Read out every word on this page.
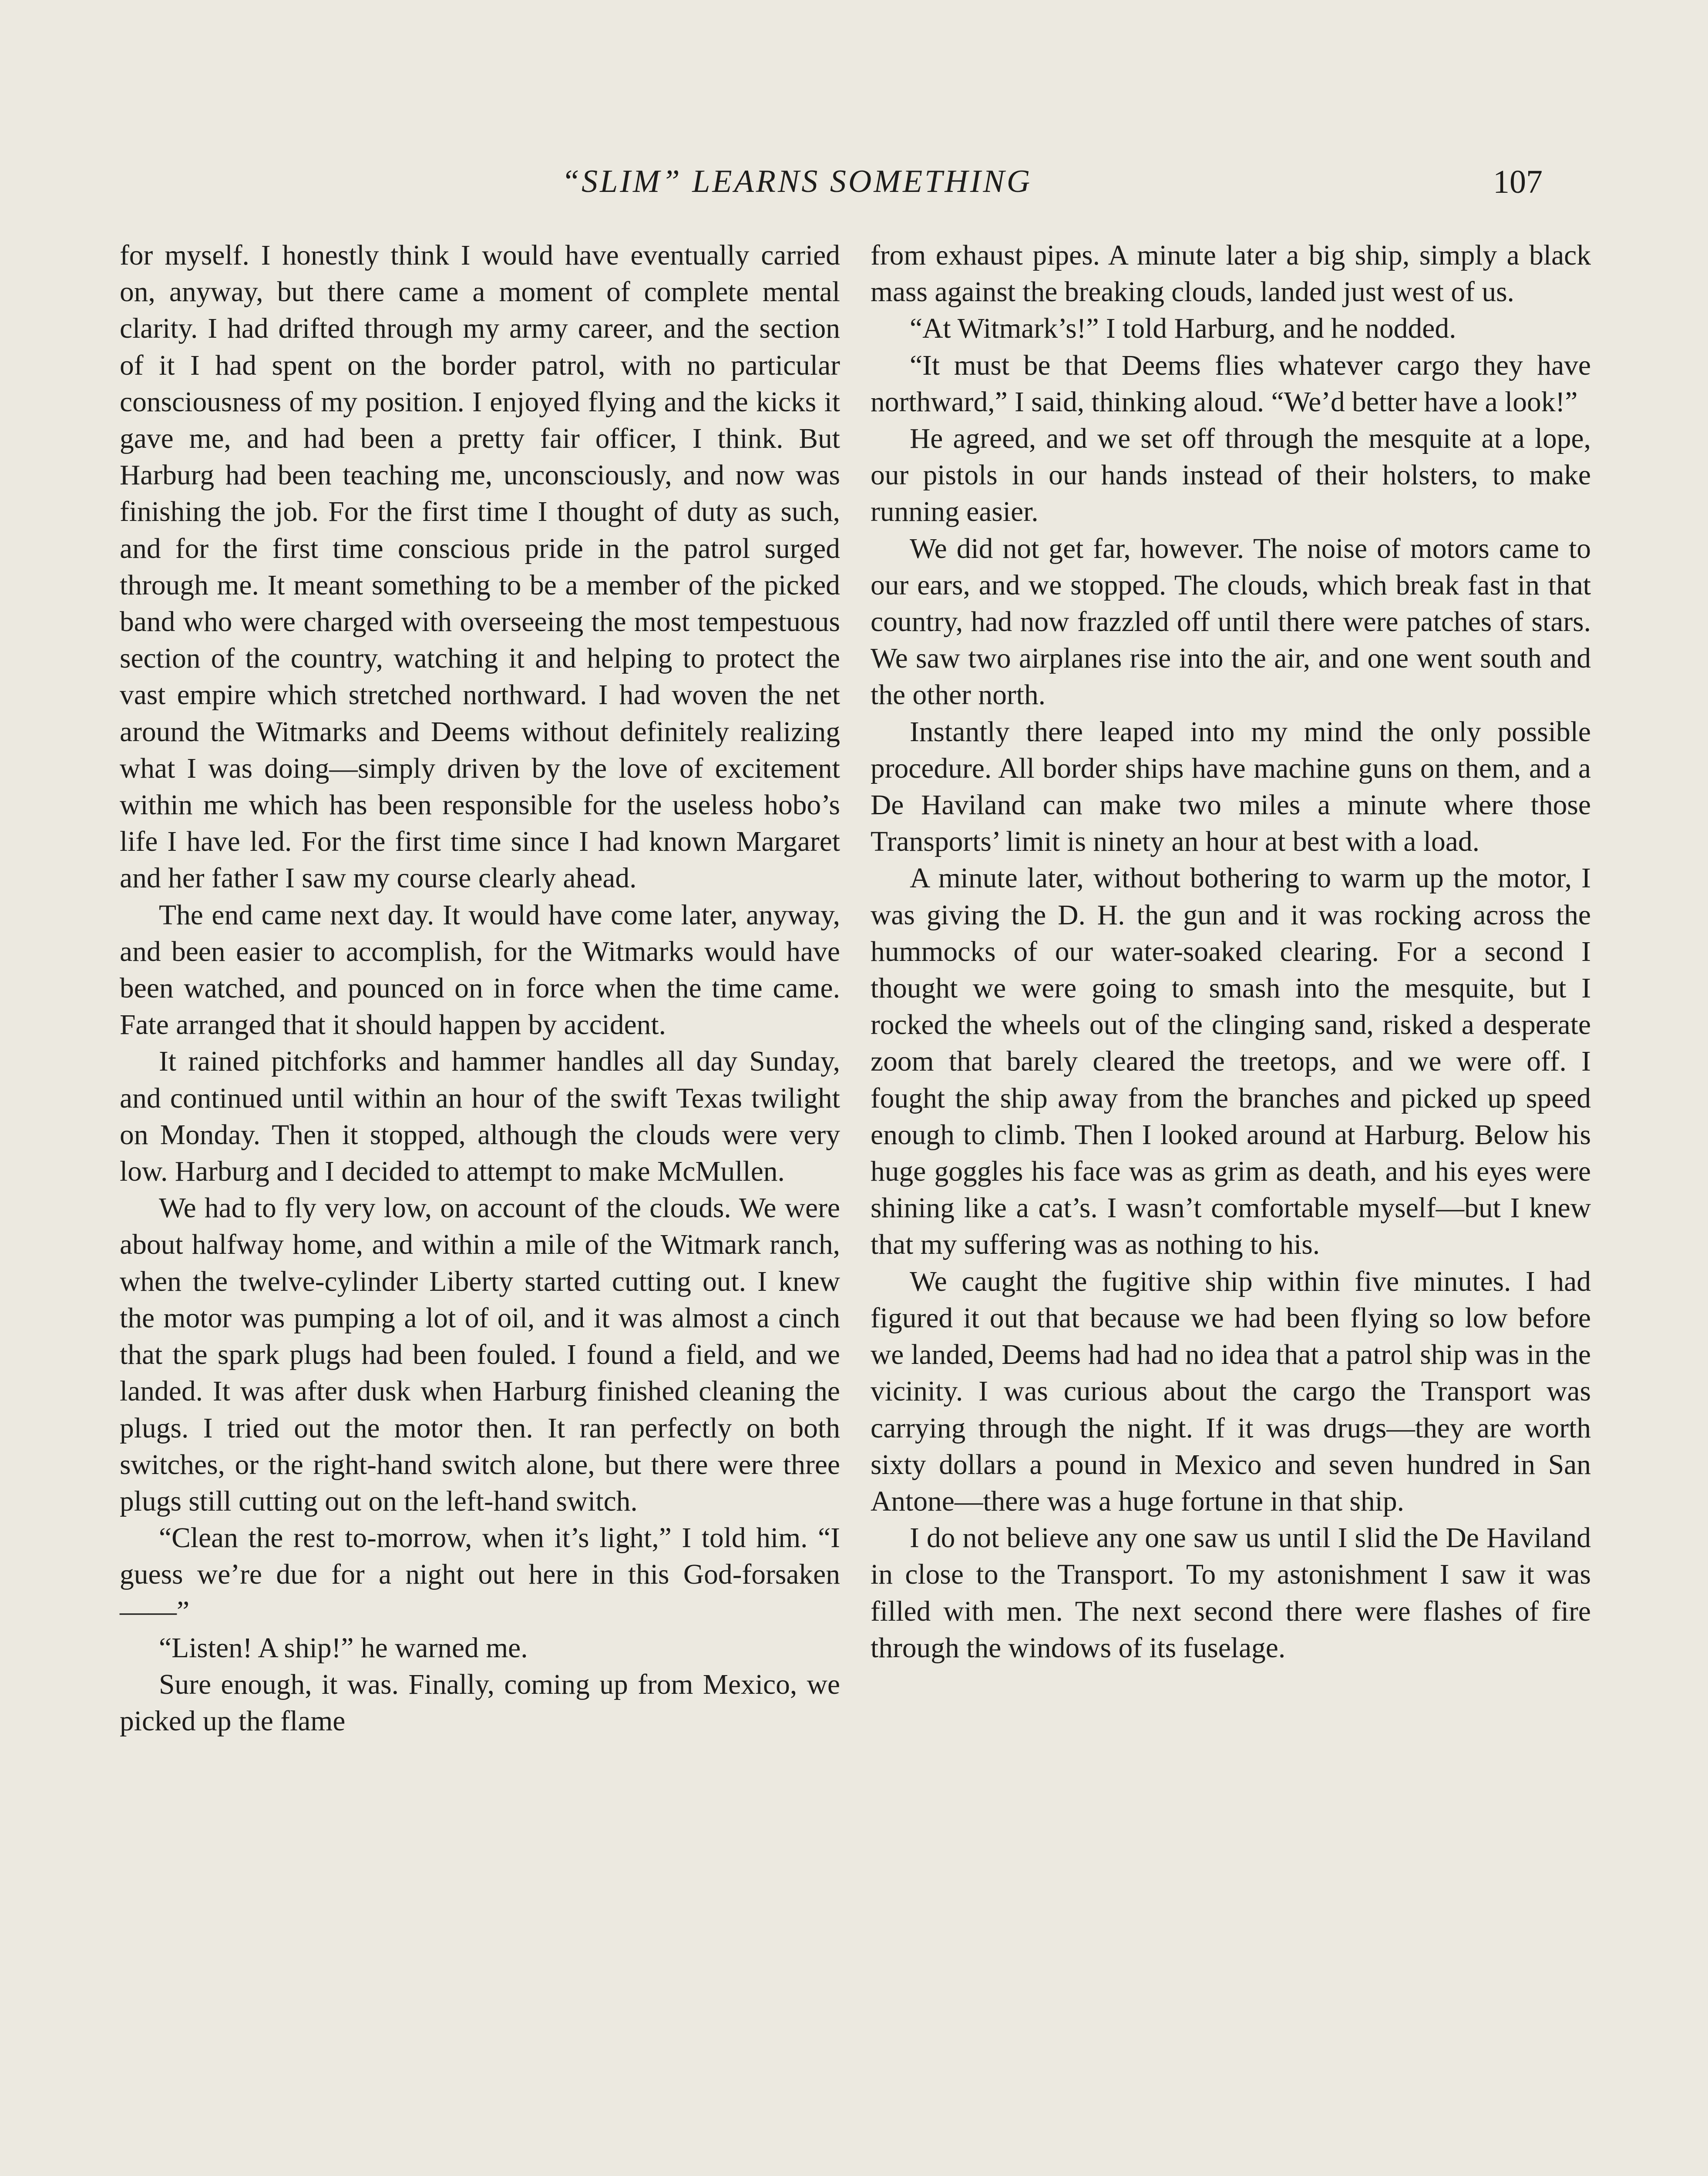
“SLIM” LEARNS SOMETHING	107

for myself. I honestly think I would have eventually carried on, anyway, but there came a moment of complete mental clarity. I had drifted through my army career, and the section of it I had spent on the border patrol, with no particular consciousness of my position. I enjoyed flying and the kicks it gave me, and had been a pretty fair officer, I think. But Harburg had been teaching me, unconsciously, and now was finishing the job. For the first time I thought of duty as such, and for the first time conscious pride in the patrol surged through me. It meant something to be a member of the picked band who were charged with overseeing the most tempestuous section of the country, watching it and helping to protect the vast empire which stretched northward. I had woven the net around the Witmarks and Deems without definitely realizing what I was doing—simply driven by the love of excitement within me which has been responsible for the useless hobo’s life I have led. For the first time since I had known Margaret and her father I saw my course clearly ahead.

The end came next day. It would have come later, anyway, and been easier to accomplish, for the Witmarks would have been watched, and pounced on in force when the time came. Fate arranged that it should happen by accident.

It rained pitchforks and hammer handles all day Sunday, and continued until within an hour of the swift Texas twilight on Monday. Then it stopped, although the clouds were very low. Harburg and I decided to attempt to make McMullen.

We had to fly very low, on account of the clouds. We were about halfway home, and within a mile of the Witmark ranch, when the twelve-cylinder Liberty started cutting out. I knew the motor was pumping a lot of oil, and it was almost a cinch that the spark plugs had been fouled. I found a field, and we landed. It was after dusk when Harburg finished cleaning the plugs. I tried out the motor then. It ran perfectly on both switches, or the right-hand switch alone, but there were three plugs still cutting out on the left-hand switch.

“Clean the rest to-morrow, when it’s light,” I told him. “I guess we’re due for a night out here in this God-forsaken——”

“Listen! A ship!” he warned me.

Sure enough, it was. Finally, coming up from Mexico, we picked up the flame

from exhaust pipes. A minute later a big ship, simply a black mass against the breaking clouds, landed just west of us.

“At Witmark’s!” I told Harburg, and he nodded.

“It must be that Deems flies whatever cargo they have northward,” I said, thinking aloud. “We’d better have a look!”

He agreed, and we set off through the mesquite at a lope, our pistols in our hands instead of their holsters, to make running easier.

We did not get far, however. The noise of motors came to our ears, and we stopped. The clouds, which break fast in that country, had now frazzled off until there were patches of stars. We saw two airplanes rise into the air, and one went south and the other north.

Instantly there leaped into my mind the only possible procedure. All border ships have machine guns on them, and a De Haviland can make two miles a minute where those Transports’ limit is ninety an hour at best with a load.

A minute later, without bothering to warm up the motor, I was giving the D. H. the gun and it was rocking across the hummocks of our water-soaked clearing. For a second I thought we were going to smash into the mesquite, but I rocked the wheels out of the clinging sand, risked a desperate zoom that barely cleared the treetops, and we were off. I fought the ship away from the branches and picked up speed enough to climb. Then I looked around at Harburg. Below his huge goggles his face was as grim as death, and his eyes were shining like a cat’s. I wasn’t comfortable myself—but I knew that my suffering was as nothing to his.

We caught the fugitive ship within five minutes. I had figured it out that because we had been flying so low before we landed, Deems had had no idea that a patrol ship was in the vicinity. I was curious about the cargo the Transport was carrying through the night. If it was drugs—they are worth sixty dollars a pound in Mexico and seven hundred in San Antone—there was a huge fortune in that ship.

I do not believe any one saw us until I slid the De Haviland in close to the Transport. To my astonishment I saw it was filled with men. The next second there were flashes of fire through the windows of its fuselage.
